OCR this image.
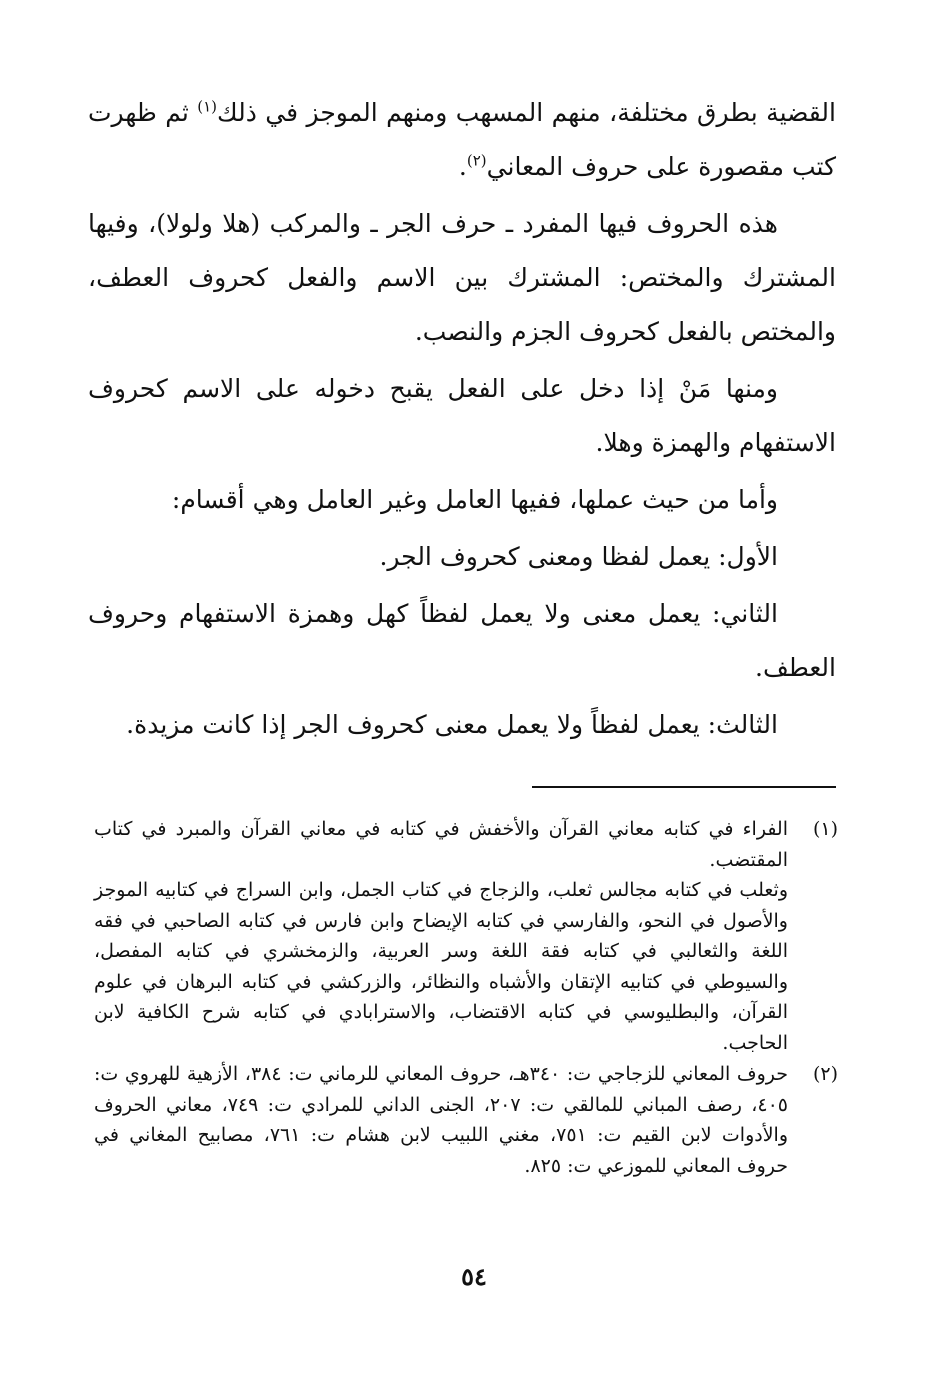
القضية بطرق مختلفة، منهم المسهب ومنهم الموجز في ذلك$^{(١)}$ ثم ظهرت كتب مقصورة على حروف المعاني$^{(٢)}$.

هذه الحروف فيها المفرد ـ حرف الجر ـ والمركب (هلا ولولا)، وفيها المشترك والمختص: المشترك بين الاسم والفعل كحروف العطف، والمختص بالفعل كحروف الجزم والنصب.

ومنها مَنْ إذا دخل على الفعل يقبح دخوله على الاسم كحروف الاستفهام والهمزة وهلا.

وأما من حيث عملها، ففيها العامل وغير العامل وهي أقسام:

الأول: يعمل لفظا ومعنى كحروف الجر.

الثاني: يعمل معنى ولا يعمل لفظاً كهل وهمزة الاستفهام وحروف العطف.

الثالث: يعمل لفظاً ولا يعمل معنى كحروف الجر إذا كانت مزيدة.

(١)

الفراء في كتابه معاني القرآن والأخفش في كتابه في معاني القرآن والمبرد في كتاب المقتضب.

وثعلب في كتابه مجالس ثعلب، والزجاج في كتاب الجمل، وابن السراج في كتابيه الموجز والأصول في النحو، والفارسي في كتابه الإيضاح وابن فارس في كتابه الصاحبي في فقه اللغة والثعالبي في كتابه فقة اللغة وسر العربية، والزمخشري في كتابه المفصل، والسيوطي في كتابيه الإتقان والأشباه والنظائر، والزركشي في كتابه البرهان في علوم القرآن، والبطليوسي في كتابه الاقتضاب، والاسترابادي في كتابه شرح الكافية لابن الحاجب.

(٢)

حروف المعاني للزجاجي ت: ٣٤٠هـ، حروف المعاني للرماني ت: ٣٨٤، الأزهية للهروي ت: ٤٠٥، رصف المباني للمالقي ت: ٢٠٧، الجنى الداني للمرادي ت: ٧٤٩، معاني الحروف والأدوات لابن القيم ت: ٧٥١، مغني اللبيب لابن هشام ت: ٧٦١، مصابيح المغاني في حروف المعاني للموزعي ت: ٨٢٥.

٥٤
